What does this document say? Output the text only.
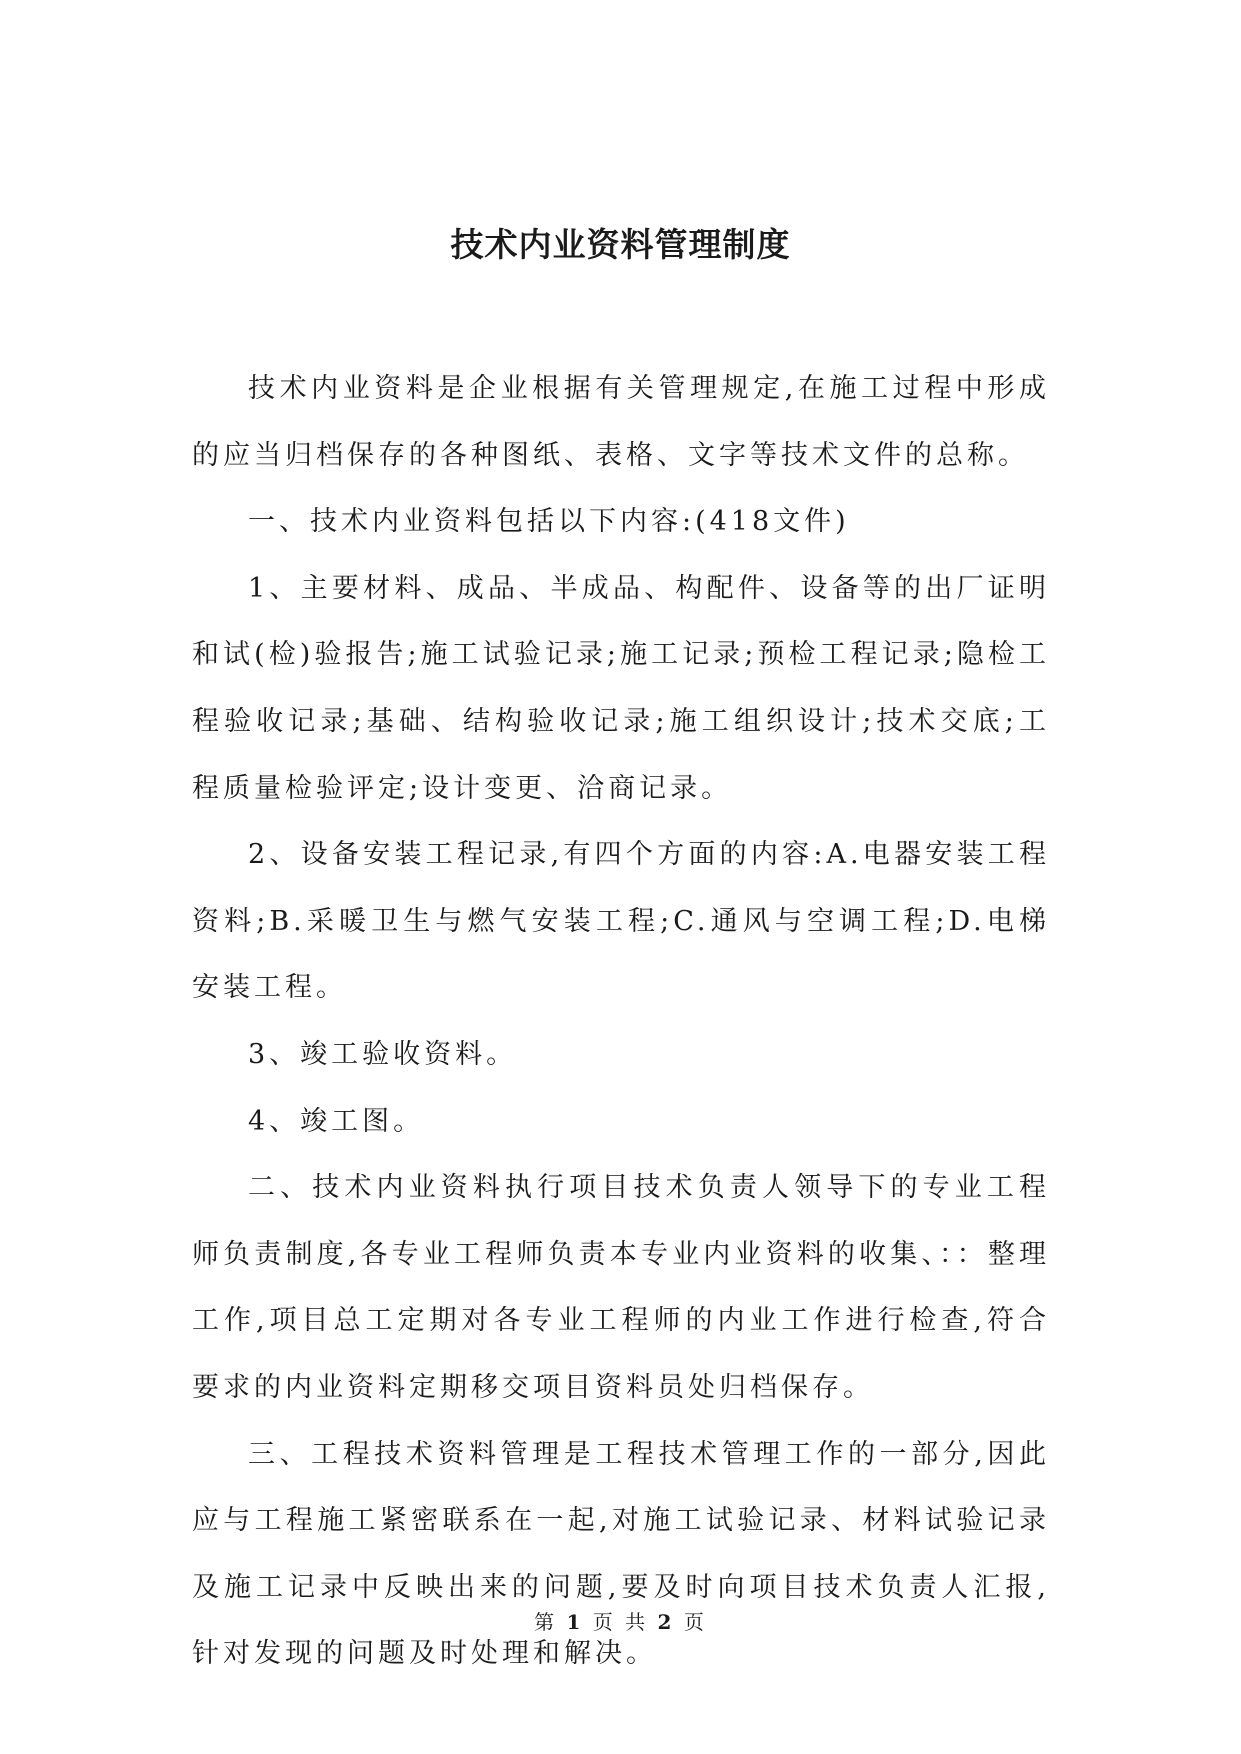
技术内业资料管理制度

技术内业资料是企业根据有关管理规定,在施工过程中形成的应当归档保存的各种图纸、表格、文字等技术文件的总称。

一、技术内业资料包括以下内容:(418文件)

1、主要材料、成品、半成品、构配件、设备等的出厂证明和试(检)验报告;施工试验记录;施工记录;预检工程记录;隐检工程验收记录;基础、结构验收记录;施工组织设计;技术交底;工程质量检验评定;设计变更、洽商记录。

2、设备安装工程记录,有四个方面的内容:A.电器安装工程资料;B.采暖卫生与燃气安装工程;C.通风与空调工程;D.电梯安装工程。

3、竣工验收资料。

4、竣工图。

二、技术内业资料执行项目技术负责人领导下的专业工程师负责制度,各专业工程师负责本专业内业资料的收集、：：整理工作,项目总工定期对各专业工程师的内业工作进行检查,符合要求的内业资料定期移交项目资料员处归档保存。

三、工程技术资料管理是工程技术管理工作的一部分,因此应与工程施工紧密联系在一起,对施工试验记录、材料试验记录及施工记录中反映出来的问题,要及时向项目技术负责人汇报,针对发现的问题及时处理和解决。

第 1 页 共 2 页
